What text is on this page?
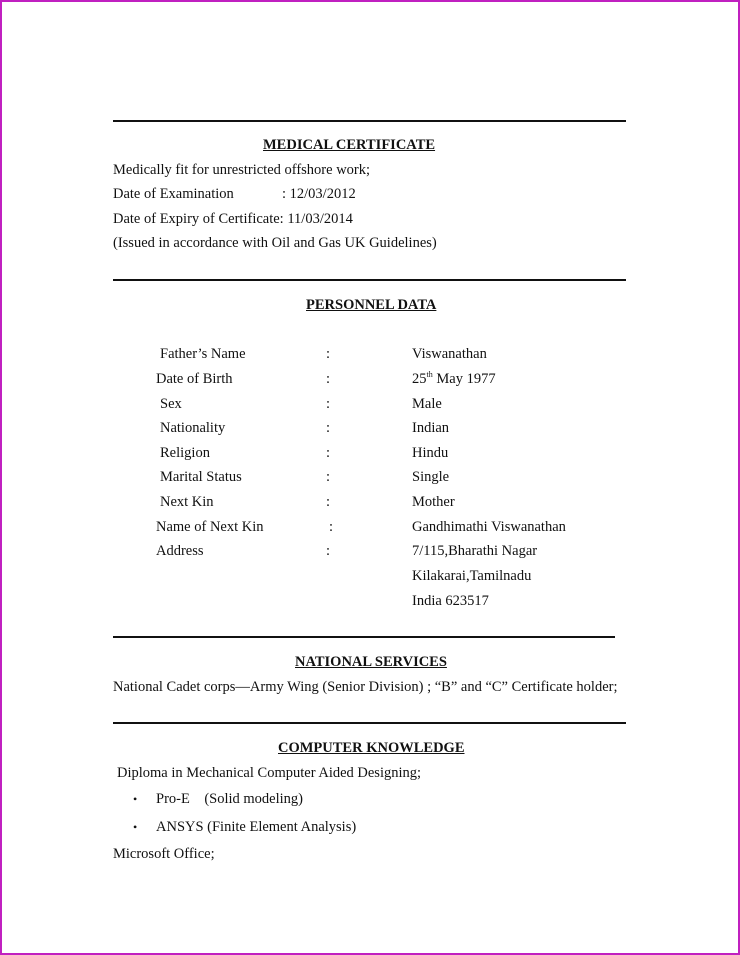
MEDICAL CERTIFICATE
Medically fit for unrestricted offshore work;
Date of Examination	: 12/03/2012
Date of Expiry of Certificate: 11/03/2014
(Issued in accordance with Oil and Gas UK Guidelines)
PERSONNEL DATA
Father’s Name	:	Viswanathan
Date of Birth	:	25th May 1977
Sex	:	Male
Nationality	:	Indian
Religion	:	Hindu
Marital Status	:	Single
Next Kin	:	Mother
Name of Next Kin	:	Gandhimathi Viswanathan
Address	:	7/115,Bharathi Nagar
Kilakarai,Tamilnadu
India 623517
NATIONAL SERVICES
National Cadet corps—Army Wing (Senior Division) ; “B” and “C” Certificate holder;
COMPUTER KNOWLEDGE
Diploma in Mechanical Computer Aided Designing;
• Pro-E    (Solid modeling)
• ANSYS (Finite Element Analysis)
Microsoft Office;
